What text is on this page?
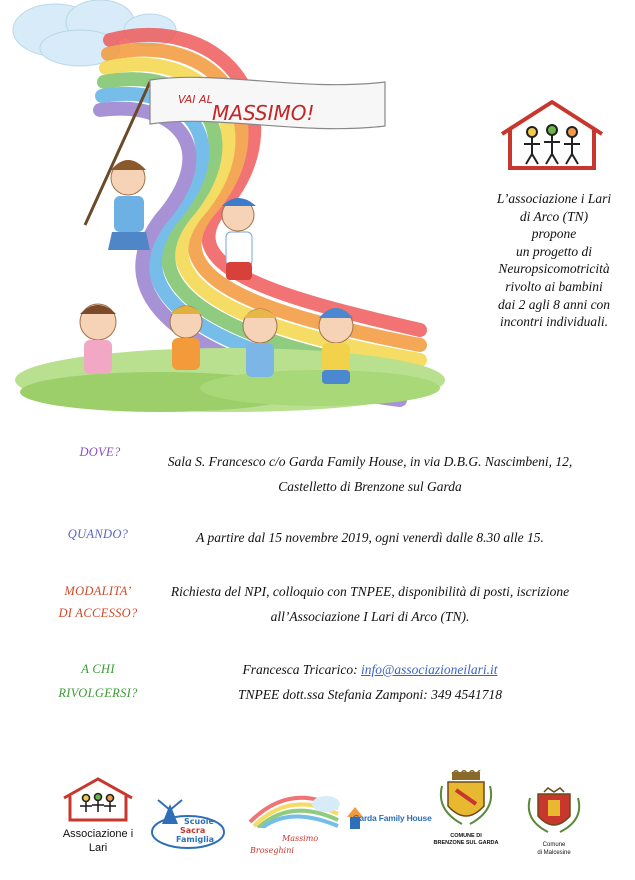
VAI AL
MASSIMO!
L’associazione i Lari
di Arco (TN)
propone
un progetto di
Neuropsicomotricità
rivolto ai bambini
dai 2 agli 8 anni con
incontri individuali.
DOVE?
Sala S. Francesco c/o Garda Family House, in via D.B.G. Nascimbeni, 12,
Castelletto di Brenzone sul Garda
QUANDO?	A partire dal 15 novembre 2019, ogni venerdì dalle 8.30 alle 15.
MODALITA’
DI ACCESSO?
Richiesta del NPI, colloquio con TNPEE, disponibilità di posti, iscrizione
all’Associazione I Lari di Arco (TN).
A CHI
RIVOLGERSI?
Francesca Tricarico: info@associazioneilari.it
TNPEE dott.ssa Stefania Zamponi: 349 4541718
Associazione i
Lari
Scuole
Sacra
Famiglia	Massimo
Broseghini
Garda Family House
COMUNE DI
BRENZONE SUL GARDA	Comune
di Malcesine
